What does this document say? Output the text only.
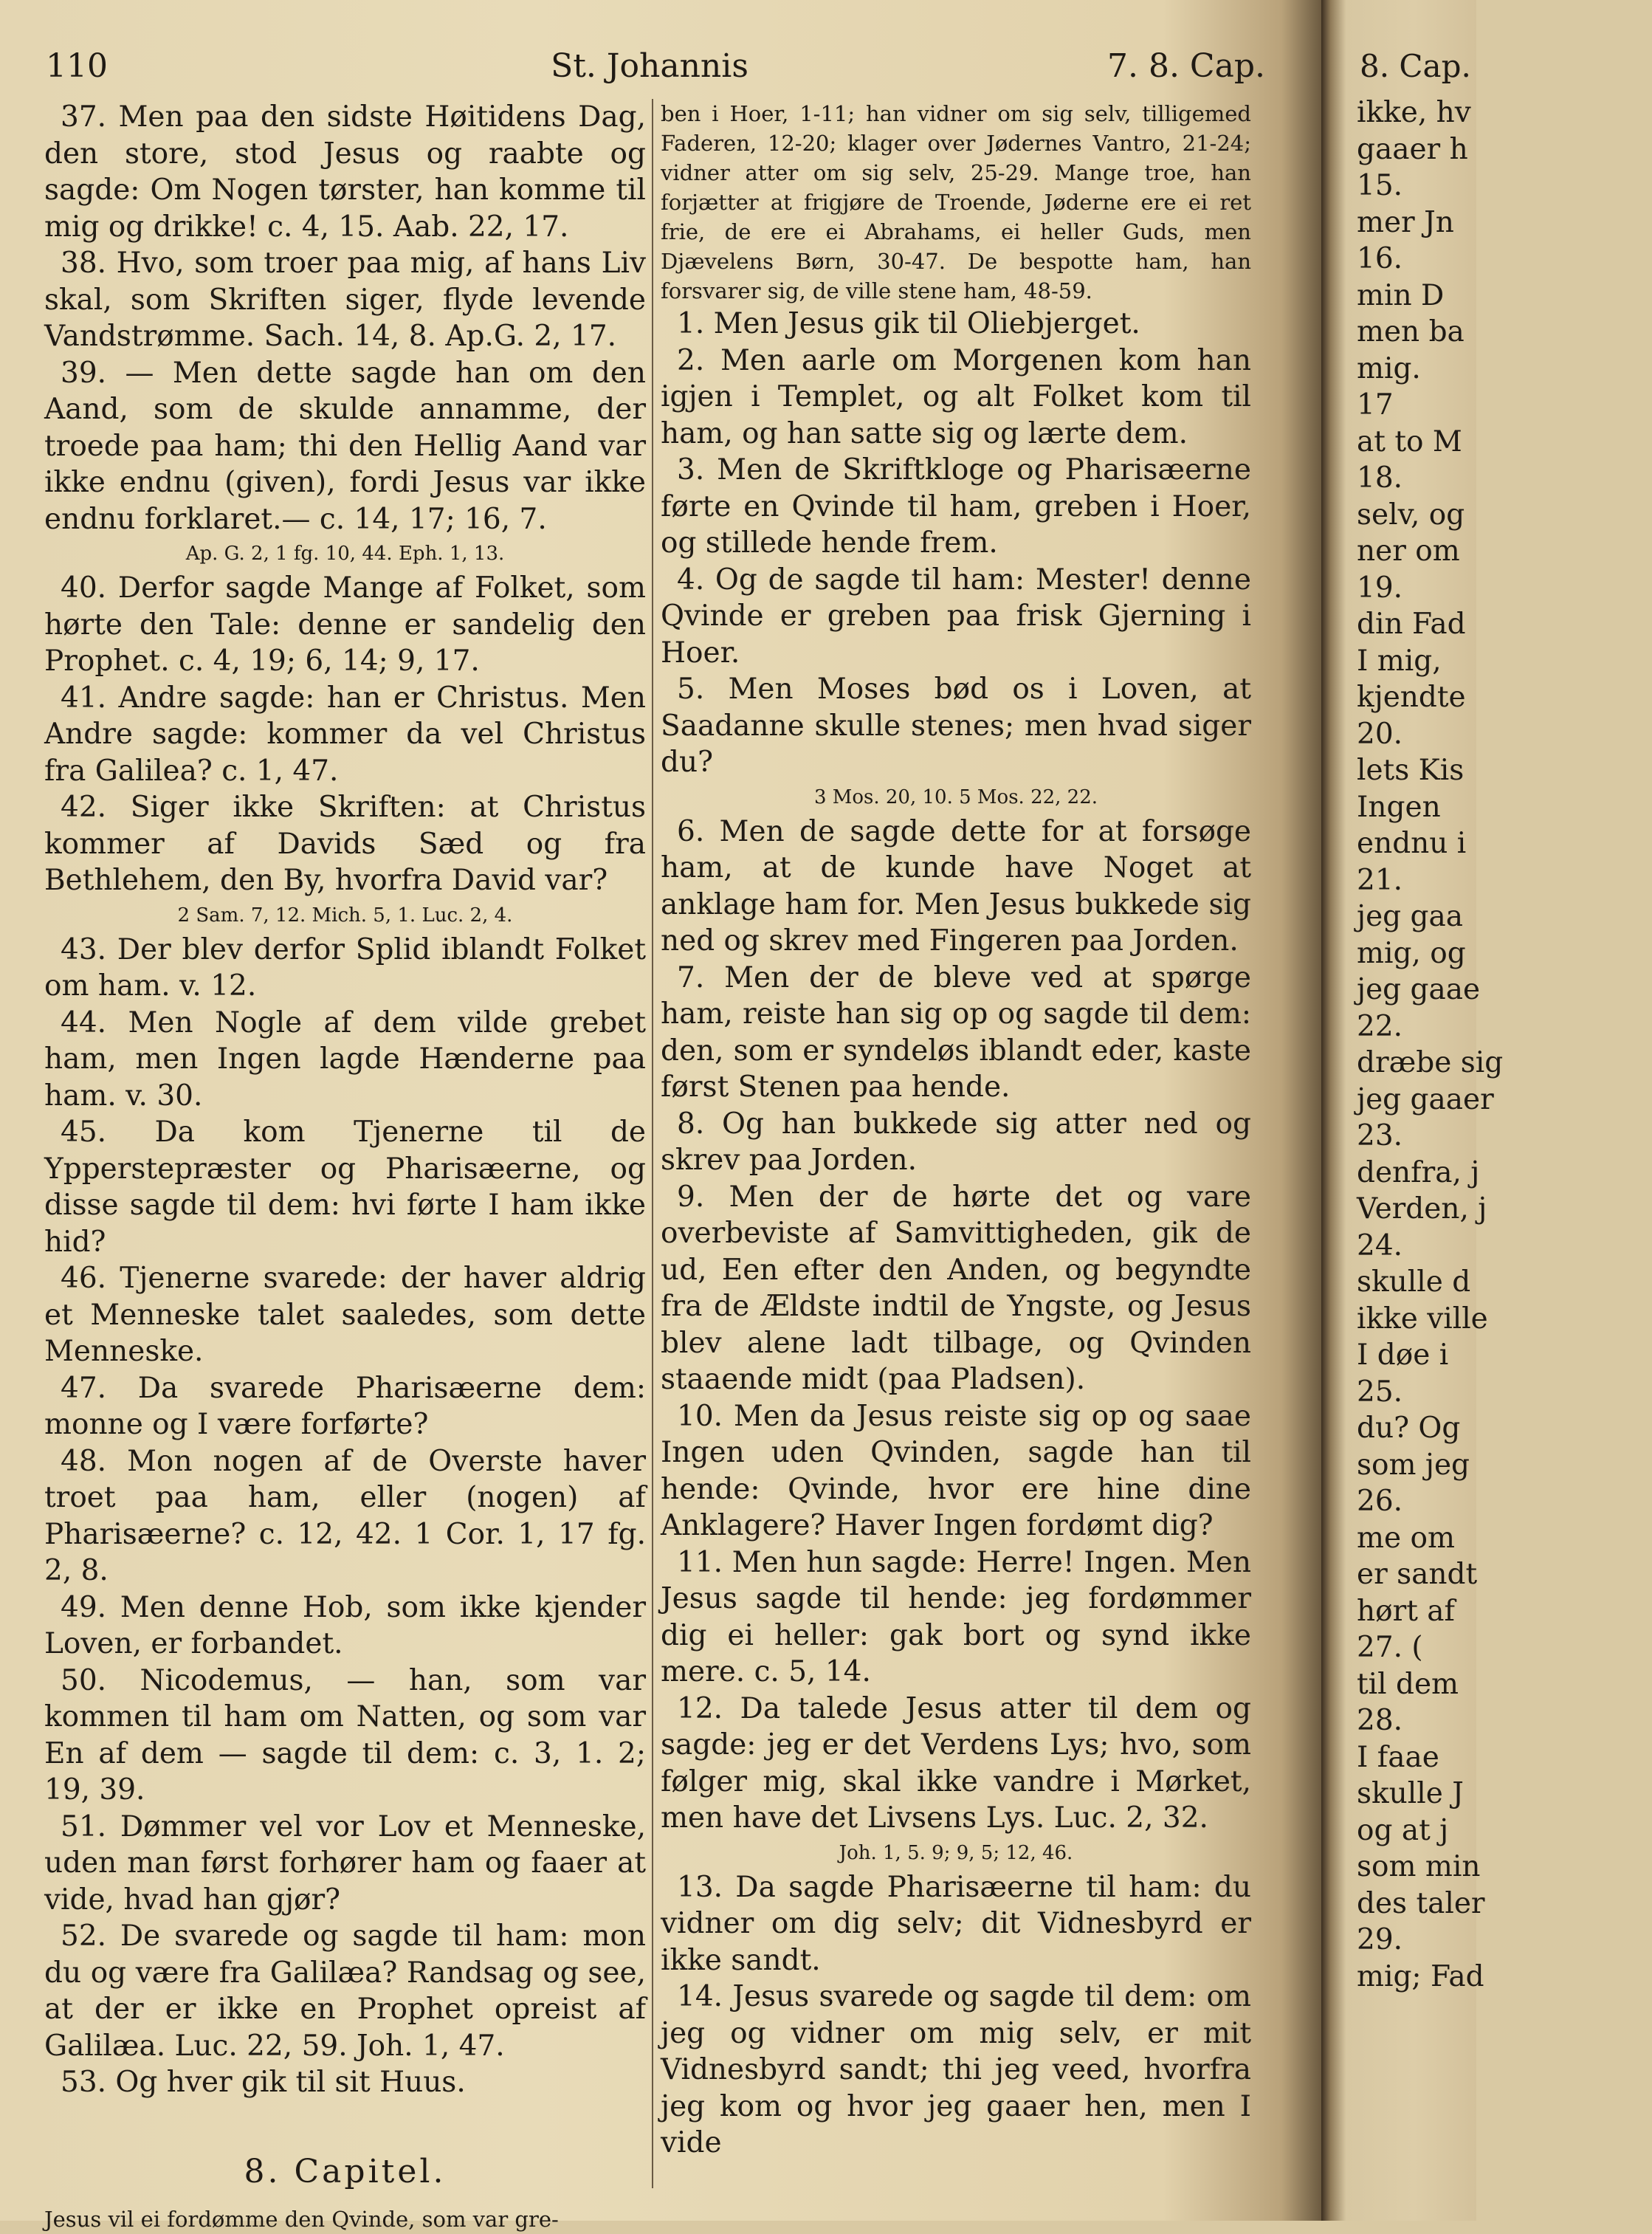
110	St. Johannis	7. 8. Cap.

37. Men paa den sidste Høitidens Dag, den store, stod Jesus og raabte og sagde: Om Nogen tørster, han komme til mig og drikke! c. 4, 15. Aab. 22, 17.

38. Hvo, som troer paa mig, af hans Liv skal, som Skriften siger, flyde levende Vandstrømme. Sach. 14, 8. Ap.G. 2, 17.

39. — Men dette sagde han om den Aand, som de skulde annamme, der troede paa ham; thi den Hellig Aand var ikke endnu (given), fordi Jesus var ikke endnu forklaret.— c. 14, 17; 16, 7.

Ap. G. 2, 1 fg. 10, 44. Eph. 1, 13.

40. Derfor sagde Mange af Folket, som hørte den Tale: denne er sandelig den Prophet. c. 4, 19; 6, 14; 9, 17.

41. Andre sagde: han er Christus. Men Andre sagde: kommer da vel Christus fra Galilea? c. 1, 47.

42. Siger ikke Skriften: at Christus kommer af Davids Sæd og fra Bethlehem, den By, hvorfra David var?

2 Sam. 7, 12. Mich. 5, 1. Luc. 2, 4.

43. Der blev derfor Splid iblandt Folket om ham. v. 12.

44. Men Nogle af dem vilde grebet ham, men Ingen lagde Hænderne paa ham. v. 30.

45. Da kom Tjenerne til de Ypperstepræster og Pharisæerne, og disse sagde til dem: hvi førte I ham ikke hid?

46. Tjenerne svarede: der haver aldrig et Menneske talet saaledes, som dette Menneske.

47. Da svarede Pharisæerne dem: monne og I være forførte?

48. Mon nogen af de Overste haver troet paa ham, eller (nogen) af Pharisæerne? c. 12, 42. 1 Cor. 1, 17 fg. 2, 8.

49. Men denne Hob, som ikke kjender Loven, er forbandet.

50. Nicodemus, — han, som var kommen til ham om Natten, og som var En af dem — sagde til dem: c. 3, 1. 2; 19, 39.

51. Dømmer vel vor Lov et Menneske, uden man først forhører ham og faaer at vide, hvad han gjør?

52. De svarede og sagde til ham: mon du og være fra Galilæa? Randsag og see, at der er ikke en Prophet opreist af Galilæa. Luc. 22, 59. Joh. 1, 47.

53. Og hver gik til sit Huus.

8. Capitel.

Jesus vil ei fordømme den Qvinde, som var gre-

ben i Hoer, 1-11; han vidner om sig selv, tilligemed Faderen, 12-20; klager over Jødernes Vantro, 21-24; vidner atter om sig selv, 25-29. Mange troe, han forjætter at frigjøre de Troende, Jøderne ere ei ret frie, de ere ei Abrahams, ei heller Guds, men Djævelens Børn, 30-47. De bespotte ham, han forsvarer sig, de ville stene ham, 48-59.

1. Men Jesus gik til Oliebjerget.

2. Men aarle om Morgenen kom han igjen i Templet, og alt Folket kom til ham, og han satte sig og lærte dem.

3. Men de Skriftkloge og Pharisæerne førte en Qvinde til ham, greben i Hoer, og stillede hende frem.

4. Og de sagde til ham: Mester! denne Qvinde er greben paa frisk Gjerning i Hoer.

5. Men Moses bød os i Loven, at Saadanne skulle stenes; men hvad siger du?

3 Mos. 20, 10. 5 Mos. 22, 22.

6. Men de sagde dette for at forsøge ham, at de kunde have Noget at anklage ham for. Men Jesus bukkede sig ned og skrev med Fingeren paa Jorden.

7. Men der de bleve ved at spørge ham, reiste han sig op og sagde til dem: den, som er syndeløs iblandt eder, kaste først Stenen paa hende.

8. Og han bukkede sig atter ned og skrev paa Jorden.

9. Men der de hørte det og vare overbeviste af Samvittigheden, gik de ud, Een efter den Anden, og begyndte fra de Ældste indtil de Yngste, og Jesus blev alene ladt tilbage, og Qvinden staaende midt (paa Pladsen).

10. Men da Jesus reiste sig op og saae Ingen uden Qvinden, sagde han til hende: Qvinde, hvor ere hine dine Anklagere? Haver Ingen fordømt dig?

11. Men hun sagde: Herre! Ingen. Men Jesus sagde til hende: jeg fordømmer dig ei heller: gak bort og synd ikke mere. c. 5, 14.

12. Da talede Jesus atter til dem og sagde: jeg er det Verdens Lys; hvo, som følger mig, skal ikke vandre i Mørket, men have det Livsens Lys. Luc. 2, 32.

Joh. 1, 5. 9; 9, 5; 12, 46.

13. Da sagde Pharisæerne til ham: du vidner om dig selv; dit Vidnesbyrd er ikke sandt.

14. Jesus svarede og sagde til dem: om jeg og vidner om mig selv, er mit Vidnesbyrd sandt; thi jeg veed, hvorfra jeg kom og hvor jeg gaaer hen, men I vide

8. Cap.

ikke, hv

gaaer h

15.

mer Jn

16.

min D

men ba

mig.

17

at to M

18.

selv, og

ner om

19.

din Fad

I mig,

kjendte

20.

lets Kis

Ingen

endnu i

21.

jeg gaa

mig, og

jeg gaae

22.

dræbe sig

jeg gaaer

23.

denfra, j

Verden, j

24.

skulle d

ikke ville

I døe i

25.

du? Og

som jeg

26.

me om

er sandt

hørt af

27. (

til dem

28.

I faae

skulle J

og at j

som min

des taler

29.

mig; Fad
